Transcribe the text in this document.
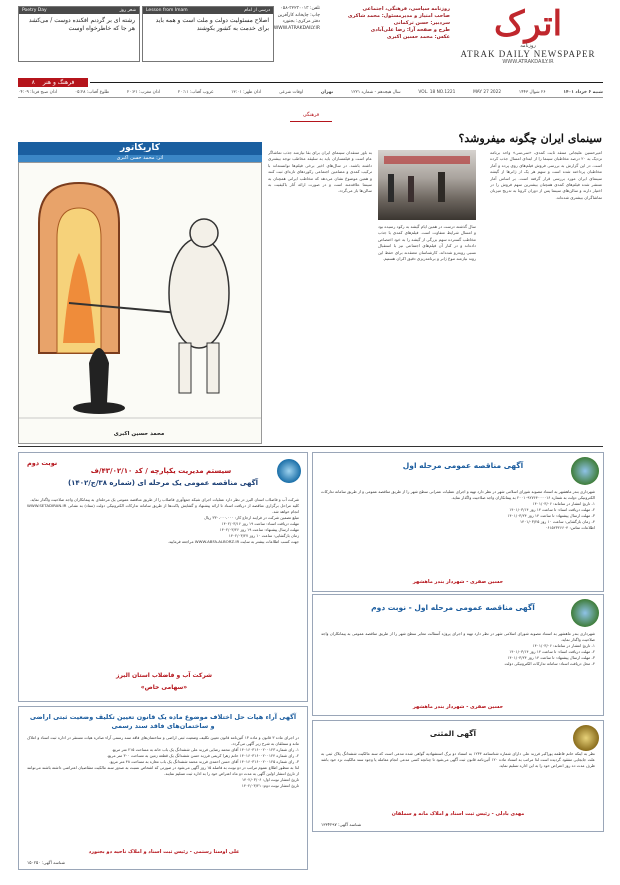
اترک
روزنامه
ATRAK DAILY NEWSPAPER
WWW.ATRAKDAILY.IR
روزنامه سیاسی، فرهنگی، اجتماعی
صاحب امتیاز و مدیرمسئول: محمد شاکری
سردبیر: حسن ترکمانی
طرح و صفحه آرا: رضا علی‌آبادی
عکس: محمد حسین اکبری
تلفن: ۳۲۲۳۰۰۱۳-۰۵۸
چاپ: چاپخانه کارآفرین
دفتر مرکزی: بجنورد
WWW.ATRAKDAILY.IR
Lesson from Imam	درسی از امام
اصلاح مسئولیت دولت و ملت است و همه باید برای خدمت به کشور بکوشند
Poetry Day	شعر روز
رشته ای بر گردنم افکنده دوست / می‌کشد هر جا که خاطرخواه اوست
فرهنگ و هنر ۸
شنبه ۶ خرداد ۱۴۰۱
۲۶ شوال ۱۴۴۳
MAY 27 2022
VOL. 18 NO.1221
سال هیجدهم - شماره ۱۲۲۱
تهران
اوقات شرعی
اذان ظهر: ۱۳:۰۱
غروب آفتاب: ۲۰:۱۱
اذان مغرب: ۲۰:۳۱
طلوع آفتاب: ۰۵:۲۸
اذان صبح فردا: ۰۴:۰۹
فرهنگی
سینمای ایران چگونه میفروشد؟
امیرحسین علیجانی منتقد ثابت کمدی، «سی‌سی» واحد برنامه نزدیک به ۲۰ درصد مخاطبان سینما را از ابتدای امسال جذب کرده است. در این گزارش به بررسی فروش فیلم‌های روی پرده و آمار مخاطبان پرداخته شده است و سهم هر یک از ژانرها از گیشه سینمای ایران مورد بررسی قرار گرفته است. بر اساس آمار منتشر شده فیلم‌های کمدی همچنان بیشترین سهم فروش را در اختیار دارند و سالن‌های سینما پس از دوران کرونا به تدریج میزبان تماشاگران بیشتری شده‌اند.
سال گذشته درست در همین ایام گیشه به رکود رسیده بود و امسال شرایط متفاوت است. فیلم‌های کمدی با جذب مخاطب گسترده سهم بزرگی از گیشه را به خود اختصاص داده‌اند و در کنار آن فیلم‌های اجتماعی نیز با استقبال نسبی روبه‌رو شده‌اند. کارشناسان معتقدند برای حفظ این روند نیازمند تنوع ژانر و برنامه‌ریزی دقیق اکران هستیم.
به باور منتقدان سینمای ایران برای بقا نیازمند جذب تماشاگر عام است و فیلمسازان باید به سلیقه مخاطب توجه بیشتری داشته باشند. در سال‌های اخیر برخی فیلم‌ها توانسته‌اند با ترکیب کمدی و مضامین اجتماعی رکوردهای تازه‌ای ثبت کنند و همین موضوع نشان می‌دهد که مخاطب ایرانی همچنان به سینما علاقه‌مند است و در صورت ارائه آثار باکیفیت به سالن‌ها باز می‌گردد.
کاریکاتور
اثر: محمد حسن اکبری
محمد حسین اکبری
آگهی مناقصه عمومی مرحله اول
شهرداری بندر ماهشهر به استناد مصوبه شورای اسلامی شهر در نظر دارد تهیه و اجرای عملیات عمرانی سطح شهر را از طریق مناقصه عمومی و از طریق سامانه تدارکات الکترونیکی دولت به شماره ۲۰۰۱۰۹۲۷۶۴۰۰۰۰۱۶ به پیمانکاران واجد صلاحیت واگذار نماید.
۱- تاریخ انتشار در سامانه: ۱۴۰۱/۰۳/۰۶
۲- مهلت دریافت اسناد: تا ساعت ۱۴ روز ۱۴۰۱/۰۳/۱۴
۳- مهلت ارسال پیشنهاد: تا ساعت ۱۴ روز ۱۴۰۱/۰۳/۲۴
۴- زمان بازگشایی: ساعت ۱۰ روز ۱۴۰۱/۰۳/۲۵
اطلاعات تماس: ۰۶۱۵۲۳۲۶۶۰۴
حسین صفری - شهردار بندر ماهشهر
آگهی مناقصه عمومی مرحله اول - نوبت دوم
شهرداری بندر ماهشهر به استناد مصوبه شورای اسلامی شهر در نظر دارد تهیه و اجرای پروژه آسفالت معابر سطح شهر را از طریق مناقصه عمومی به پیمانکاران واجد صلاحیت واگذار نماید.
۱- تاریخ انتشار در سامانه: ۱۴۰۱/۰۳/۰۶
۲- مهلت دریافت اسناد: تا ساعت ۱۴ روز ۱۴۰۱/۰۳/۱۴
۳- مهلت ارسال پیشنهاد: تا ساعت ۱۴ روز ۱۴۰۱/۰۳/۲۴
۴- محل دریافت اسناد: سامانه تدارکات الکترونیکی دولت
حسین صفری - شهردار بندر ماهشهر
آگهی المثنی
نظر به اینکه خانم فاطمه پوراکبر فرزند علی دارای شماره شناسنامه ۱۲۳۴ به استناد دو برگ استشهادیه گواهی شده مدعی است که سند مالکیت ششدانگ پلاک ثبتی به علت جابجایی مفقود گردیده است لذا مراتب به استناد ماده ۱۲۰ آئین‌نامه قانون ثبت آگهی می‌شود تا چنانچه کسی مدعی انجام معامله یا وجود سند مالکیت نزد خود باشد ظرف مدت ده روز اعتراض خود را به این اداره تسلیم نماید.
مهدی بادلی - رئیس ثبت اسناد و املاک مانه و سملقان
شناسه آگهی: ۱۳۳۴۲۹۷
نوبت دوم
سیستم مدیریت یکپارچه / کد ۴۳/۰۲/۱۰/ف
آگهی مناقصه عمومی یک مرحله ای (شماره ۳۸/ج/۱۴۰۲)
شرکت آب و فاضلاب استان البرز در نظر دارد عملیات اجرای شبکه جمع‌آوری فاضلاب را از طریق مناقصه عمومی یک مرحله‌ای به پیمانکاران واجد صلاحیت واگذار نماید.
کلیه مراحل برگزاری مناقصه از دریافت اسناد تا ارائه پیشنهاد و گشایش پاکت‌ها از طریق سامانه تدارکات الکترونیکی دولت (ستاد) به نشانی WWW.SETADIRAN.IR انجام خواهد شد.
مبلغ تضمین شرکت در فرایند ارجاع کار: ۳۳۰،۰۰۰،۰۰۰ ریال
مهلت دریافت اسناد: ساعت ۱۹ روز ۱۴۰۲/۰۳/۱۶
مهلت ارسال پیشنهاد: ساعت ۱۹ روز ۱۴۰۲/۰۳/۲۶
زمان بازگشایی: ساعت ۱۰ روز ۱۴۰۲/۰۳/۲۷
جهت کسب اطلاعات بیشتر به سایت WWW.ABFA-ALBORZ.IR مراجعه فرمایید.
شرکت آب و فاضلاب استان البرز
«سهامی خاص»
آگهی آراء هیات حل اختلاف موضوع ماده یک قانون تعیین تکلیف وضعیت ثبتی اراضی و ساختمان‌های فاقد سند رسمی
در اجرای ماده ۳ قانون و ماده ۱۳ آئین‌نامه قانون تعیین تکلیف وضعیت ثبتی اراضی و ساختمان‌های فاقد سند رسمی آراء صادره هیات مستقر در اداره ثبت اسناد و املاک مانه و سملقان به شرح زیر آگهی می‌گردد.
۱- رای شماره ۱۴۰۱۶۰۳۱۶۰۰۲۰۰۱۲۳ آقای محمد رضایی فرزند علی ششدانگ یک باب خانه به مساحت ۲۱۵ متر مربع.
۲- رای شماره ۱۴۰۱۶۰۳۱۶۰۰۲۰۰۱۲۴ خانم زهرا کریمی فرزند حسن ششدانگ یک قطعه زمین به مساحت ۳۰۰ متر مربع.
۳- رای شماره ۱۴۰۱۶۰۳۱۶۰۰۲۰۰۱۲۵ آقای حسن احمدی فرزند محمد ششدانگ یک باب مغازه به مساحت ۴۸ متر مربع.
لذا به منظور اطلاع عموم مراتب در دو نوبت به فاصله ۱۵ روز آگهی می‌شود در صورتی که اشخاص نسبت به صدور سند مالکیت متقاضیان اعتراضی داشته باشند می‌توانند از تاریخ انتشار اولین آگهی به مدت دو ماه اعتراض خود را به اداره ثبت تسلیم نمایند.
تاریخ انتشار نوبت اول: ۱۴۰۲/۰۳/۰۶
تاریخ انتشار نوبت دوم: ۱۴۰۲/۰۳/۲۱
علی اوستا رستمی - رئیس ثبت اسناد و املاک ناحیه دو بجنورد
شناسه آگهی: ۱۵۰۲۵۰
